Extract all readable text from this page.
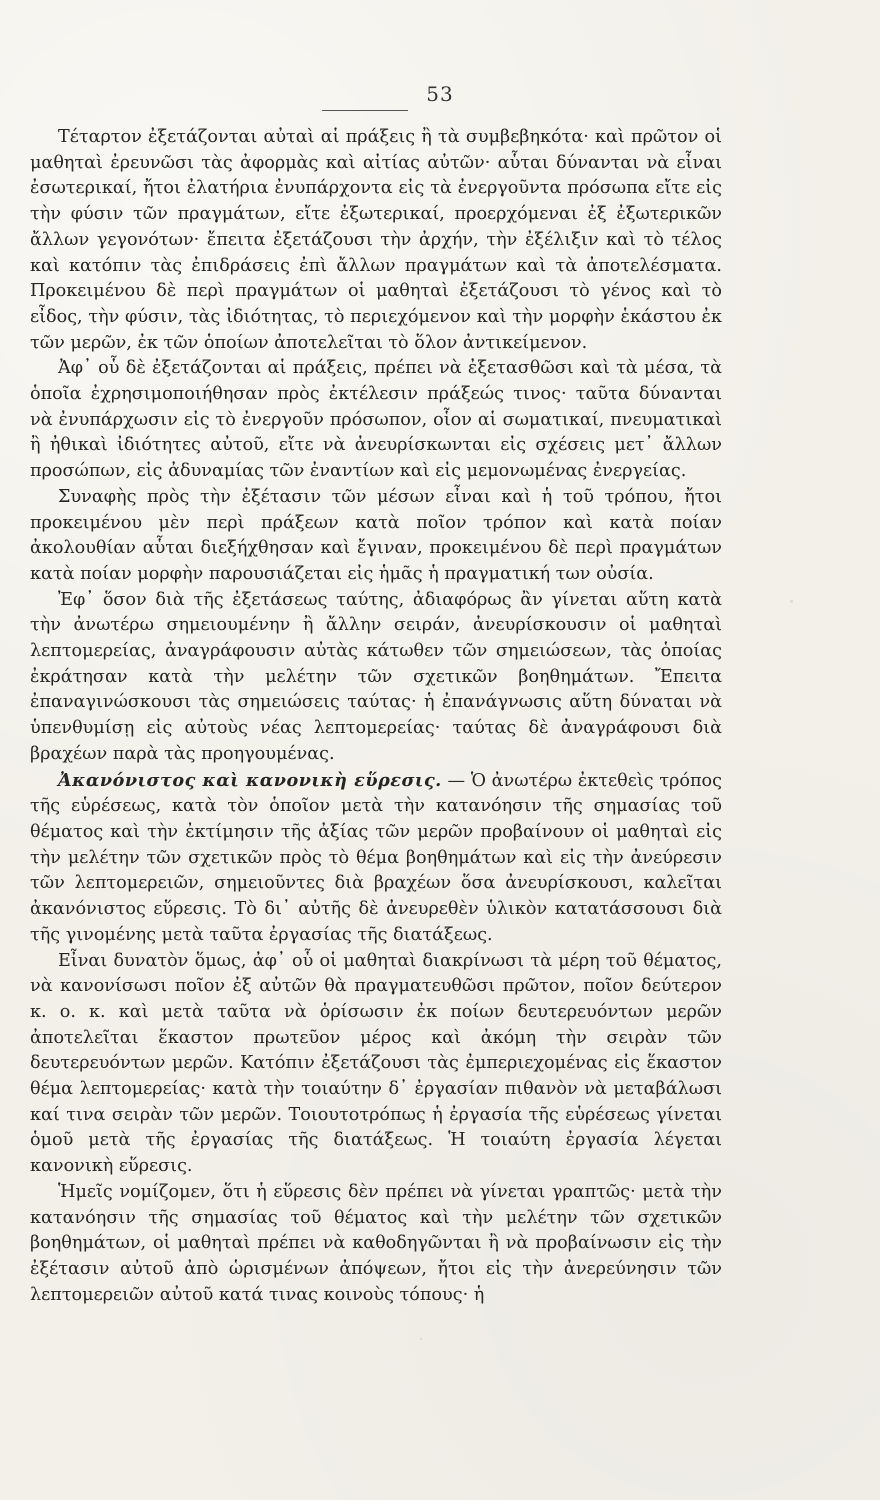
53

Τέταρτον ἐξετάζονται αὐταὶ αἱ πράξεις ἢ τὰ συμβεβηκότα· καὶ πρῶτον οἱ μαθηταὶ ἐρευνῶσι τὰς ἀφορμὰς καὶ αἰτίας αὐτῶν· αὗται δύνανται νὰ εἶναι ἐσωτερικαί, ἤτοι ἐλατήρια ἐνυπάρχοντα εἰς τὰ ἐνεργοῦντα πρόσωπα εἴτε εἰς τὴν φύσιν τῶν πραγμάτων, εἴτε ἐξωτερικαί, προερχόμεναι ἐξ ἐξωτερικῶν ἄλλων γεγονότων· ἔπειτα ἐξετάζουσι τὴν ἀρχήν, τὴν ἐξέλιξιν καὶ τὸ τέλος καὶ κατόπιν τὰς ἐπιδράσεις ἐπὶ ἄλλων πραγμάτων καὶ τὰ ἀποτελέσματα. Προκειμένου δὲ περὶ πραγμάτων οἱ μαθηταὶ ἐξετάζουσι τὸ γένος καὶ τὸ εἶδος, τὴν φύσιν, τὰς ἰδιότητας, τὸ περιεχόμενον καὶ τὴν μορφὴν ἑκάστου ἐκ τῶν μερῶν, ἐκ τῶν ὁποίων ἀποτελεῖται τὸ ὅλον ἀντικείμενον.

Ἀφ᾽ οὗ δὲ ἐξετάζονται αἱ πράξεις, πρέπει νὰ ἐξετασθῶσι καὶ τὰ μέσα, τὰ ὁποῖα ἐχρησιμοποιήθησαν πρὸς ἐκτέλεσιν πράξεώς τινος· ταῦτα δύνανται νὰ ἐνυπάρχωσιν εἰς τὸ ἐνεργοῦν πρόσωπον, οἷον αἱ σωματικαί, πνευματικαὶ ἢ ἠθικαὶ ἰδιότητες αὐτοῦ, εἴτε νὰ ἀνευρίσκωνται εἰς σχέσεις μετ᾽ ἄλλων προσώπων, εἰς ἀδυναμίας τῶν ἐναντίων καὶ εἰς μεμονωμένας ἐνεργείας.

Συναφὴς πρὸς τὴν ἐξέτασιν τῶν μέσων εἶναι καὶ ἡ τοῦ τρόπου, ἤτοι προκειμένου μὲν περὶ πράξεων κατὰ ποῖον τρόπον καὶ κατὰ ποίαν ἀκολουθίαν αὗται διεξήχθησαν καὶ ἔγιναν, προκειμένου δὲ περὶ πραγμάτων κατὰ ποίαν μορφὴν παρουσιάζεται εἰς ἡμᾶς ἡ πραγματική των οὐσία.

Ἐφ᾽ ὅσον διὰ τῆς ἐξετάσεως ταύτης, ἀδιαφόρως ἂν γίνεται αὕτη κατὰ τὴν ἀνωτέρω σημειουμένην ἢ ἄλλην σειράν, ἀνευρίσκουσιν οἱ μαθηταὶ λεπτομερείας, ἀναγράφουσιν αὐτὰς κάτωθεν τῶν σημειώσεων, τὰς ὁποίας ἐκράτησαν κατὰ τὴν μελέτην τῶν σχετικῶν βοηθημάτων. Ἔπειτα ἐπαναγινώσκουσι τὰς σημειώσεις ταύτας· ἡ ἐπανάγνωσις αὕτη δύναται νὰ ὑπενθυμίσῃ εἰς αὐτοὺς νέας λεπτομερείας· ταύτας δὲ ἀναγράφουσι διὰ βραχέων παρὰ τὰς προηγουμένας.

Ἀκανόνιστος καὶ κανονικὴ εὕρεσις. — Ὁ ἀνωτέρω ἐκτεθεὶς τρόπος τῆς εὑρέσεως, κατὰ τὸν ὁποῖον μετὰ τὴν κατανόησιν τῆς σημασίας τοῦ θέματος καὶ τὴν ἐκτίμησιν τῆς ἀξίας τῶν μερῶν προβαίνουν οἱ μαθηταὶ εἰς τὴν μελέτην τῶν σχετικῶν πρὸς τὸ θέμα βοηθημάτων καὶ εἰς τὴν ἀνεύρεσιν τῶν λεπτομερειῶν, σημειοῦντες διὰ βραχέων ὅσα ἀνευρίσκουσι, καλεῖται ἀκανόνιστος εὕρεσις. Τὸ δι᾽ αὐτῆς δὲ ἀνευρεθὲν ὑλικὸν κατατάσσουσι διὰ τῆς γινομένης μετὰ ταῦτα ἐργασίας τῆς διατάξεως.

Εἶναι δυνατὸν ὅμως, ἀφ᾽ οὗ οἱ μαθηταὶ διακρίνωσι τὰ μέρη τοῦ θέματος, νὰ κανονίσωσι ποῖον ἐξ αὐτῶν θὰ πραγματευθῶσι πρῶτον, ποῖον δεύτερον κ. ο. κ. καὶ μετὰ ταῦτα νὰ ὁρίσωσιν ἐκ ποίων δευτερευόντων μερῶν ἀποτελεῖται ἕκαστον πρωτεῦον μέρος καὶ ἀκόμη τὴν σειρὰν τῶν δευτερευόντων μερῶν. Κατόπιν ἐξετάζουσι τὰς ἐμπεριεχομένας εἰς ἕκαστον θέμα λεπτομερείας· κατὰ τὴν τοιαύτην δ᾽ ἐργασίαν πιθανὸν νὰ μεταβάλωσι καί τινα σειρὰν τῶν μερῶν. Τοιουτοτρόπως ἡ ἐργασία τῆς εὑρέσεως γίνεται ὁμοῦ μετὰ τῆς ἐργασίας τῆς διατάξεως. Ἡ τοιαύτη ἐργασία λέγεται κανονικὴ εὕρεσις.

Ἡμεῖς νομίζομεν, ὅτι ἡ εὕρεσις δὲν πρέπει νὰ γίνεται γραπτῶς· μετὰ τὴν κατανόησιν τῆς σημασίας τοῦ θέματος καὶ τὴν μελέτην τῶν σχετικῶν βοηθημάτων, οἱ μαθηταὶ πρέπει νὰ καθοδηγῶνται ἢ νὰ προβαίνωσιν εἰς τὴν ἐξέτασιν αὐτοῦ ἀπὸ ὡρισμένων ἀπόψεων, ἤτοι εἰς τὴν ἀνερεύνησιν τῶν λεπτομερειῶν αὐτοῦ κατά τινας κοινοὺς τόπους· ἡ
